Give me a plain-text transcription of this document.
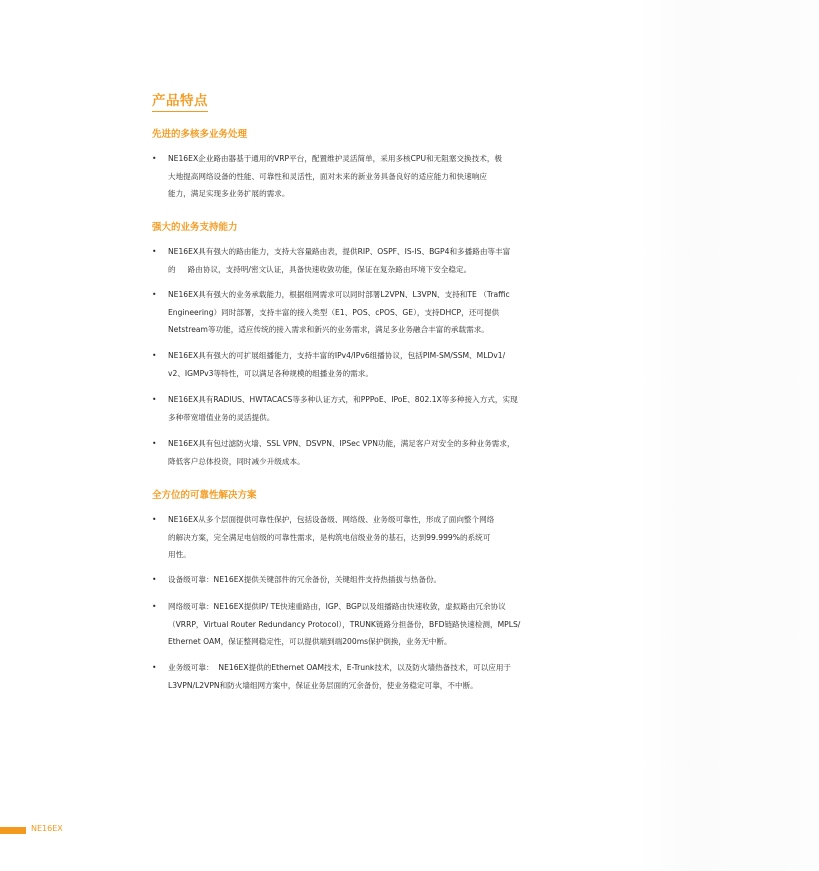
产品特点
先进的多核多业务处理
•	NE16EX企业路由器基于通用的VRP平台，配置维护灵活简单，采用多核CPU和无阻塞交换技术，极
大地提高网络设备的性能、可靠性和灵活性，面对未来的新业务具备良好的适应能力和快速响应
能力，满足实现多业务扩展的需求。
强大的业务支持能力
•	NE16EX具有强大的路由能力，支持大容量路由表，提供RIP、OSPF、IS-IS、BGP4和多播路由等丰富
的     路由协议，支持明/密文认证，具备快速收敛功能，保证在复杂路由环境下安全稳定。
•	NE16EX具有强大的业务承载能力，根据组网需求可以同时部署L2VPN、L3VPN、支持和TE （Traffic
Engineering）同时部署，支持丰富的接入类型（E1、POS、cPOS、GE），支持DHCP，还可提供
Netstream等功能，适应传统的接入需求和新兴的业务需求，满足多业务融合丰富的承载需求。
•	NE16EX具有强大的可扩展组播能力，支持丰富的IPv4/IPv6组播协议，包括PIM-SM/SSM、MLDv1/
v2、IGMPv3等特性，可以满足各种规模的组播业务的需求。
•	NE16EX具有RADIUS、HWTACACS等多种认证方式，和PPPoE、IPoE、802.1X等多种接入方式，实现
多种带宽增值业务的灵活提供。
•	NE16EX具有包过滤防火墙、SSL VPN、DSVPN、IPSec VPN功能，满足客户对安全的多种业务需求，
降低客户总体投资，同时减少升级成本。
全方位的可靠性解决方案
•	NE16EX从多个层面提供可靠性保护，包括设备级、网络级、业务级可靠性，形成了面向整个网络
的解决方案，完全满足电信级的可靠性需求，是构筑电信级业务的基石，达到99.999%的系统可
用性。
•	设备级可靠：NE16EX提供关键部件的冗余备份，关键组件支持热插拔与热备份。
•	网络级可靠：NE16EX提供IP/ TE快速重路由，IGP、BGP以及组播路由快速收敛，虚拟路由冗余协议
（VRRP，Virtual Router Redundancy Protocol），TRUNK链路分担备份，BFD链路快速检测，MPLS/
Ethernet OAM，保证整网稳定性，可以提供端到端200ms保护倒换，业务无中断。
•	业务级可靠：  NE16EX提供的Ethernet OAM技术，E-Trunk技术，以及防火墙热备技术，可以应用于
L3VPN/L2VPN和防火墙组网方案中，保证业务层面的冗余备份，使业务稳定可靠，不中断。
NE16EX
